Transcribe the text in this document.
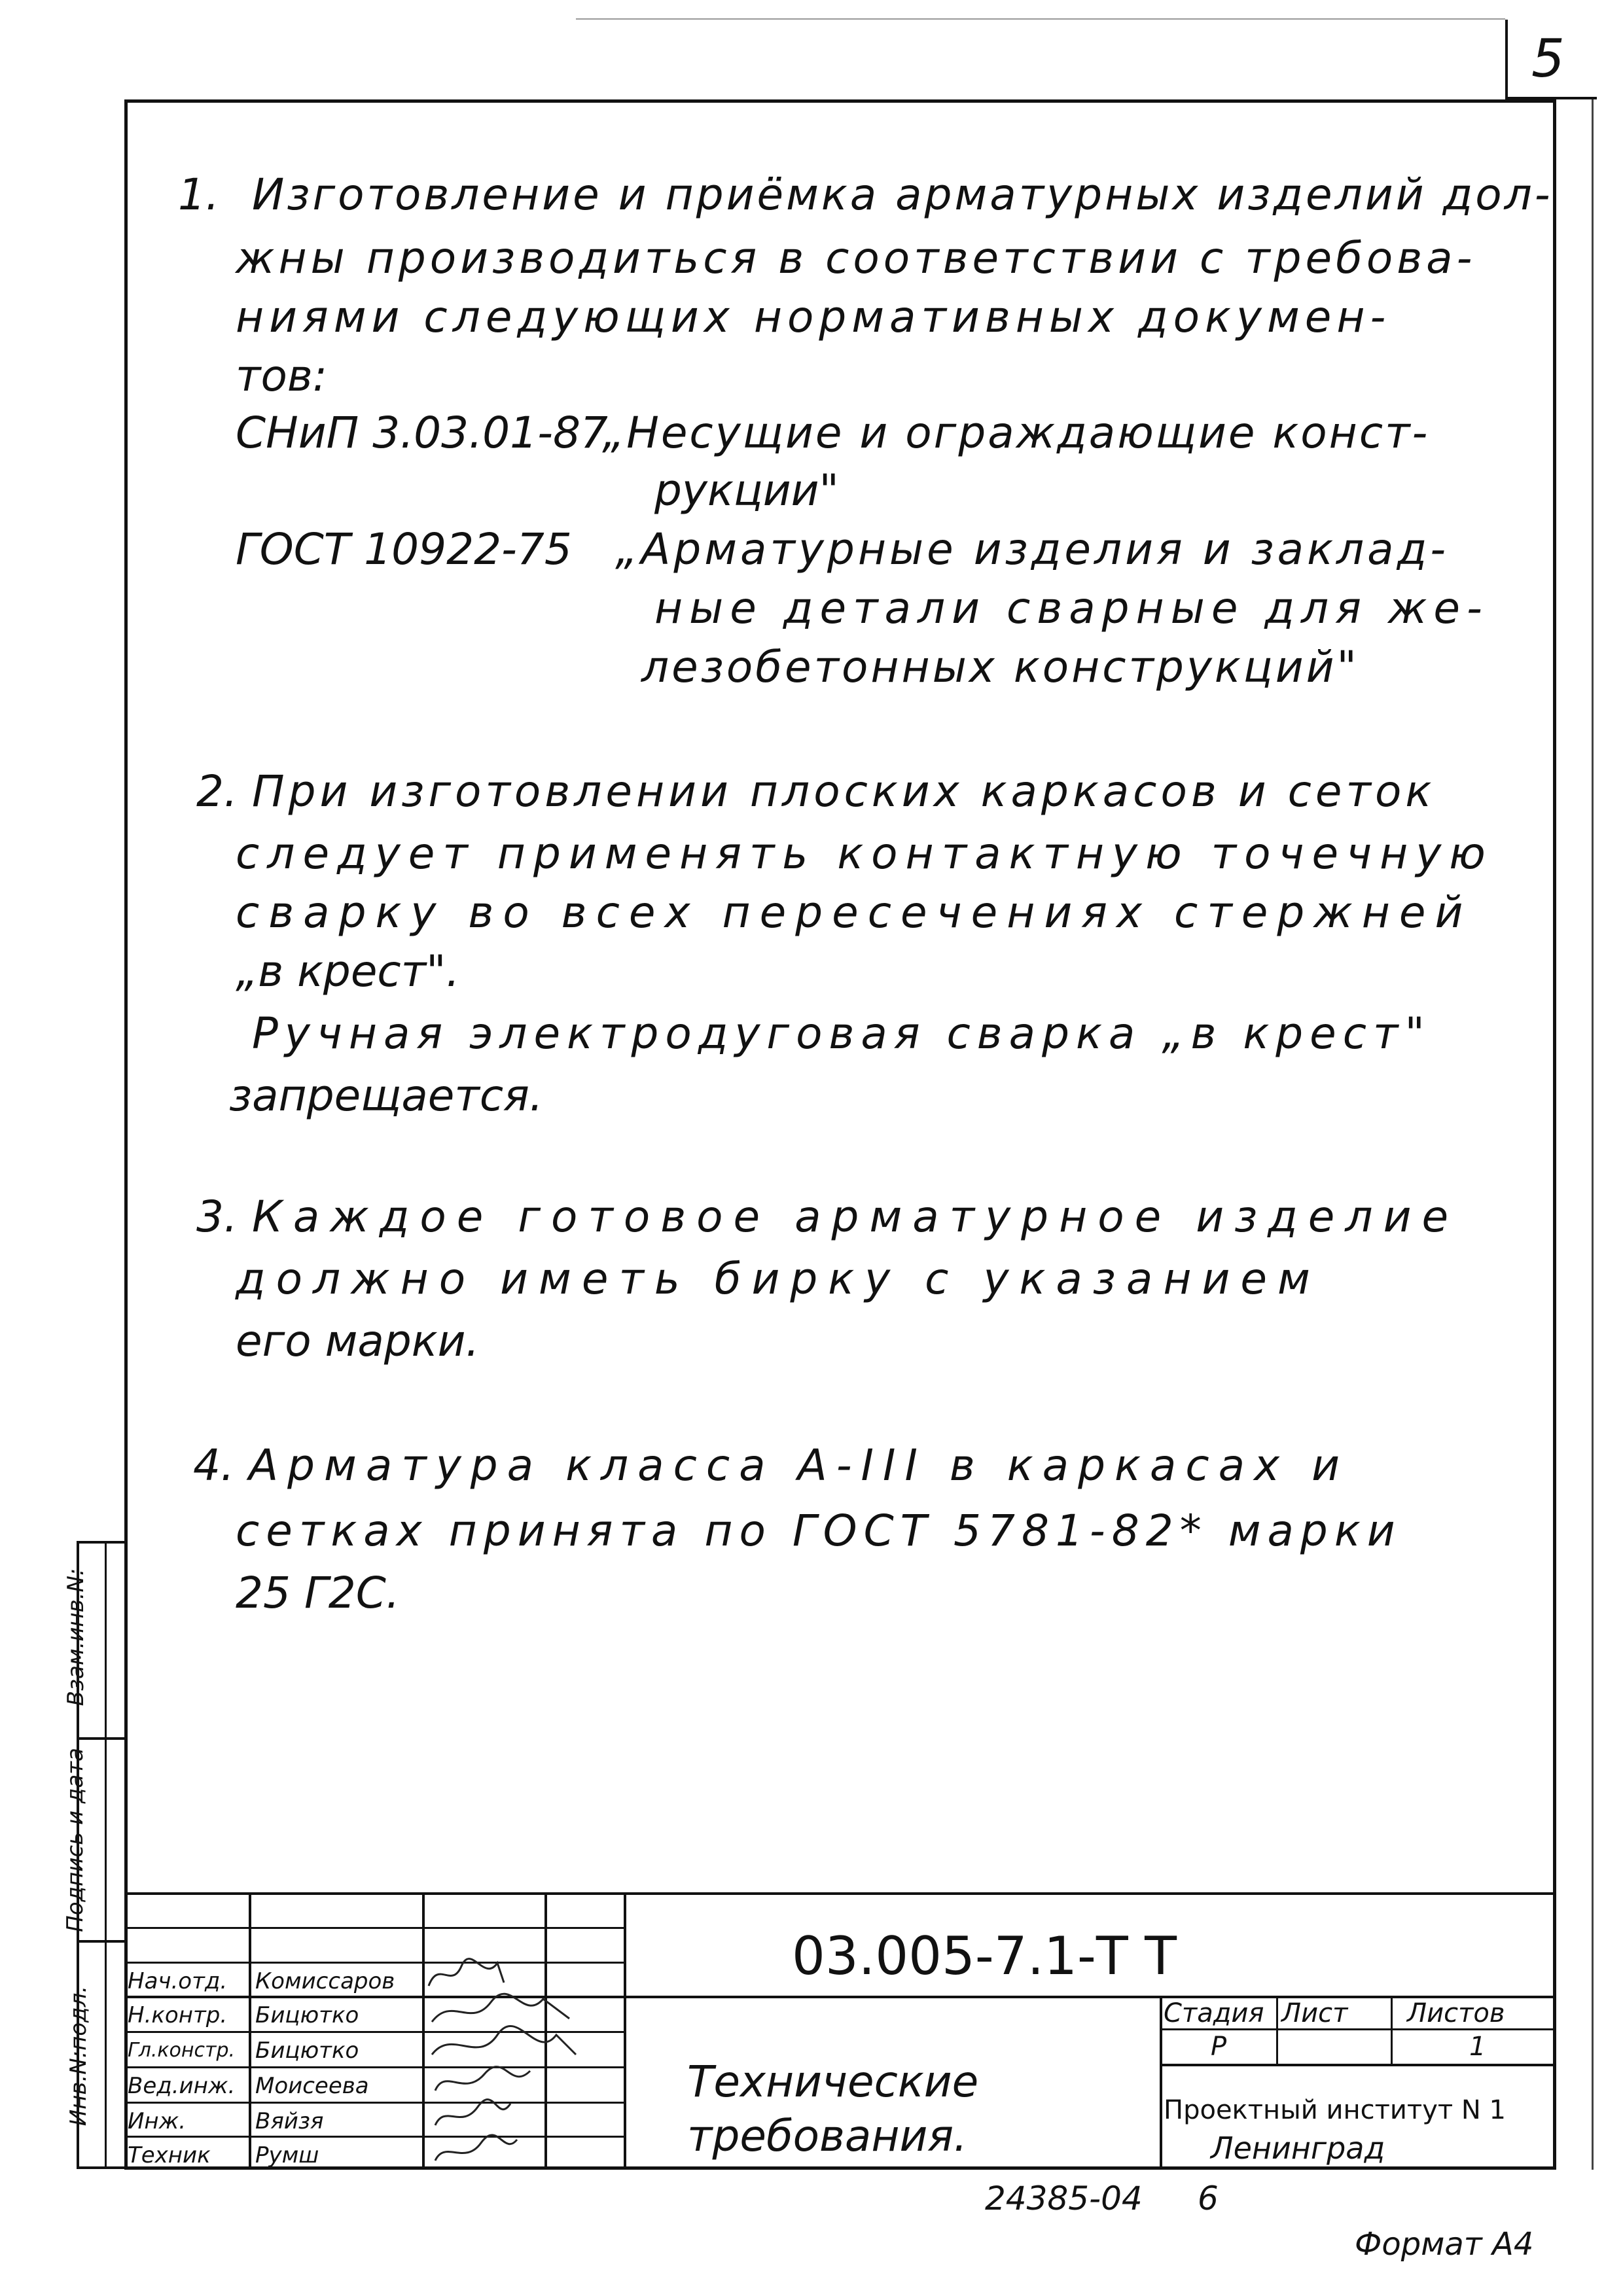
5
1. Изготовление и приёмка арматурных изделий дол-
жны производиться в соответствии с требова-
ниями следующих нормативных докумен-
тов:
СНиП 3.03.01-87
„Несущие и ограждающие конст-
рукции"
ГОСТ 10922-75 „Арматурные изделия и заклад-
ные детали сварные для же-
лезобетонных конструкций"
2. При изготовлении плоских каркасов и сеток
следует применять контактную точечную
сварку во всех пересечениях стержней
„в крест".
Ручная электродуговая сварка „в крест"
запрещается.
3. Каждое готовое арматурное изделие
должно иметь бирку с указанием
его марки.
4. Арматура класса А-III в каркасах и
сетках принята по ГОСТ 5781-82* марки
25 Г2С.
Взам.инв.N:
Подпись и дата
Инв.N:подл.
Нач.отд. Комиссаров
Н.контр. Бицютко
Гл.констр. Бицютко
Вед.инж. Моисеева
Инж.	Вяйзя
Техник Румш
03.005-7.1-Т Т
Технические
требования.
Стадия Лист Листов
Р	1
Проектный институт N 1
Ленинград
24385-04 6
Формат А4
